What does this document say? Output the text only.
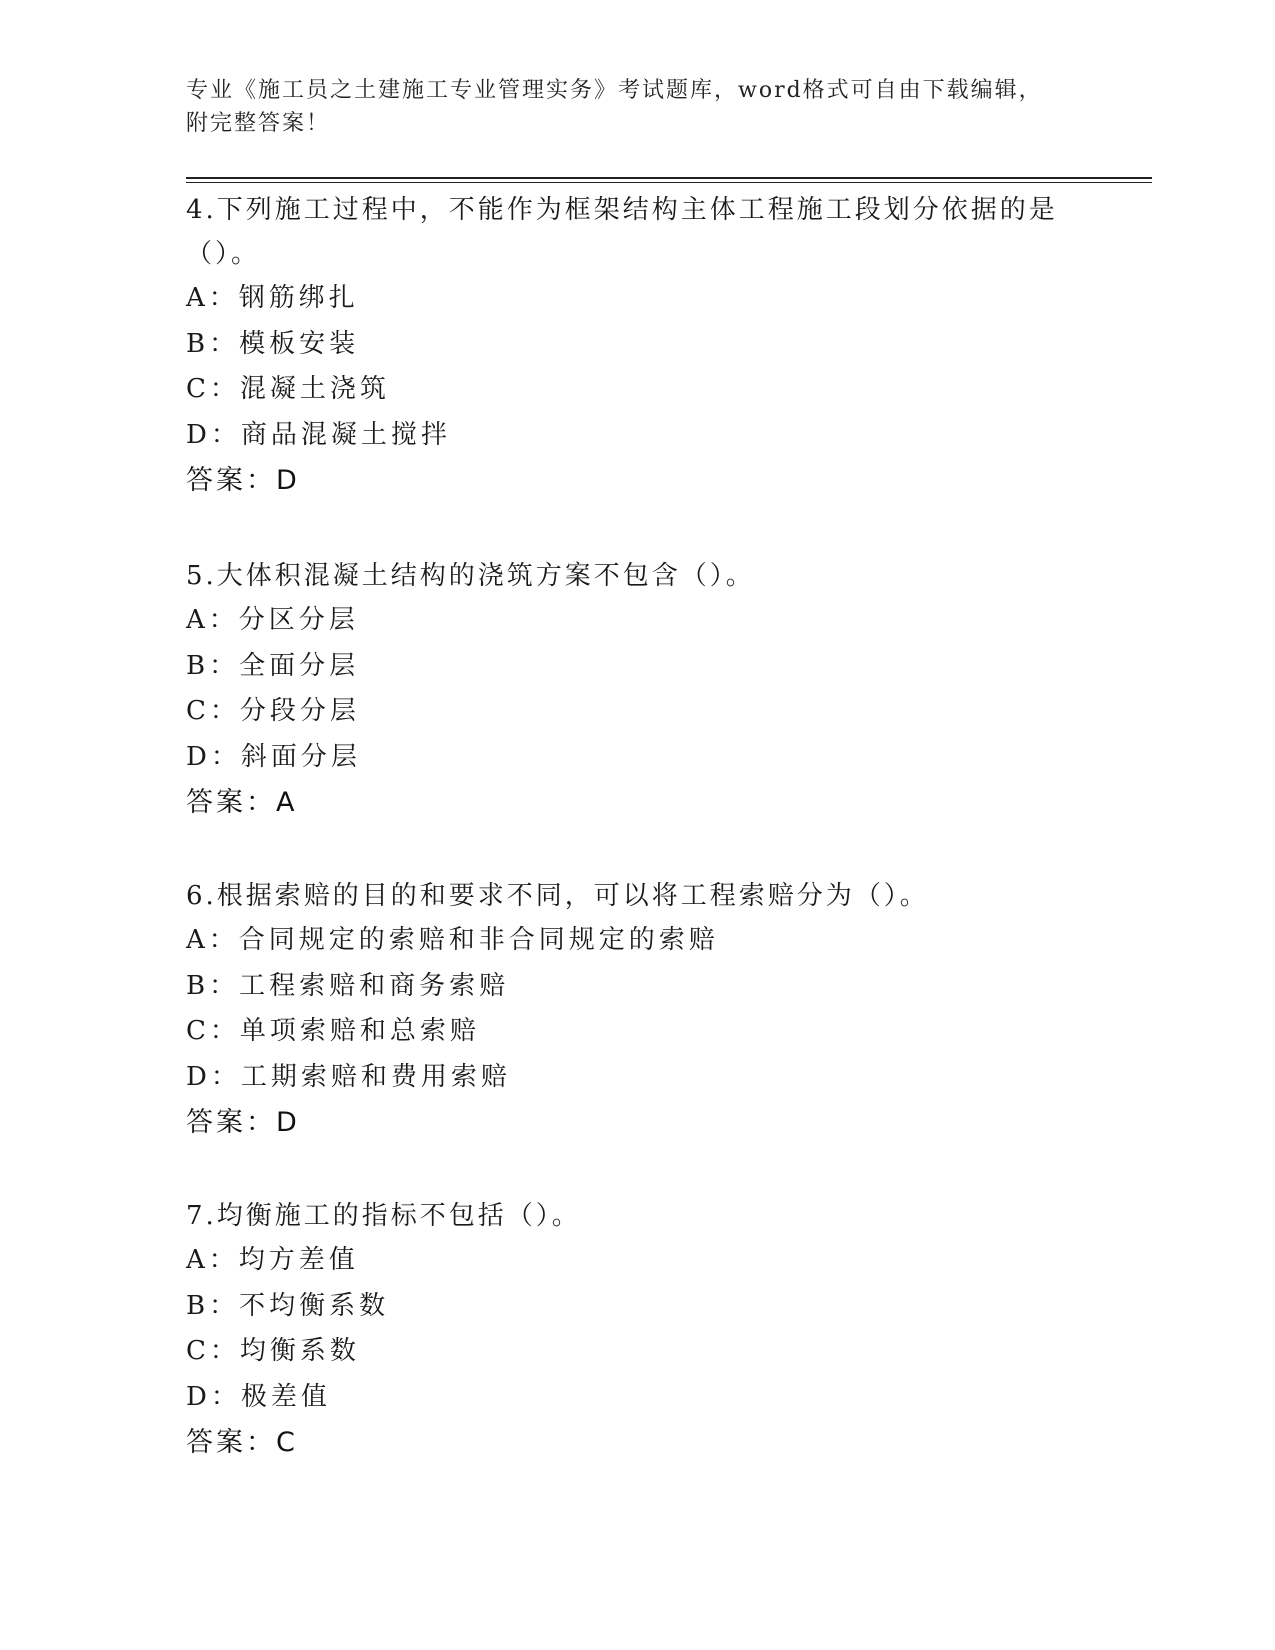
专业《施工员之土建施工专业管理实务》考试题库，word格式可自由下载编辑，
附完整答案！

4.下列施工过程中，不能作为框架结构主体工程施工段划分依据的是

（）。

A：钢筋绑扎

B：模板安装

C：混凝土浇筑

D：商品混凝土搅拌

答案：D

5.大体积混凝土结构的浇筑方案不包含（）。

A：分区分层

B：全面分层

C：分段分层

D：斜面分层

答案：A

6.根据索赔的目的和要求不同，可以将工程索赔分为（）。

A：合同规定的索赔和非合同规定的索赔

B：工程索赔和商务索赔

C：单项索赔和总索赔

D：工期索赔和费用索赔

答案：D

7.均衡施工的指标不包括（）。

A：均方差值

B：不均衡系数

C：均衡系数

D：极差值

答案：C
